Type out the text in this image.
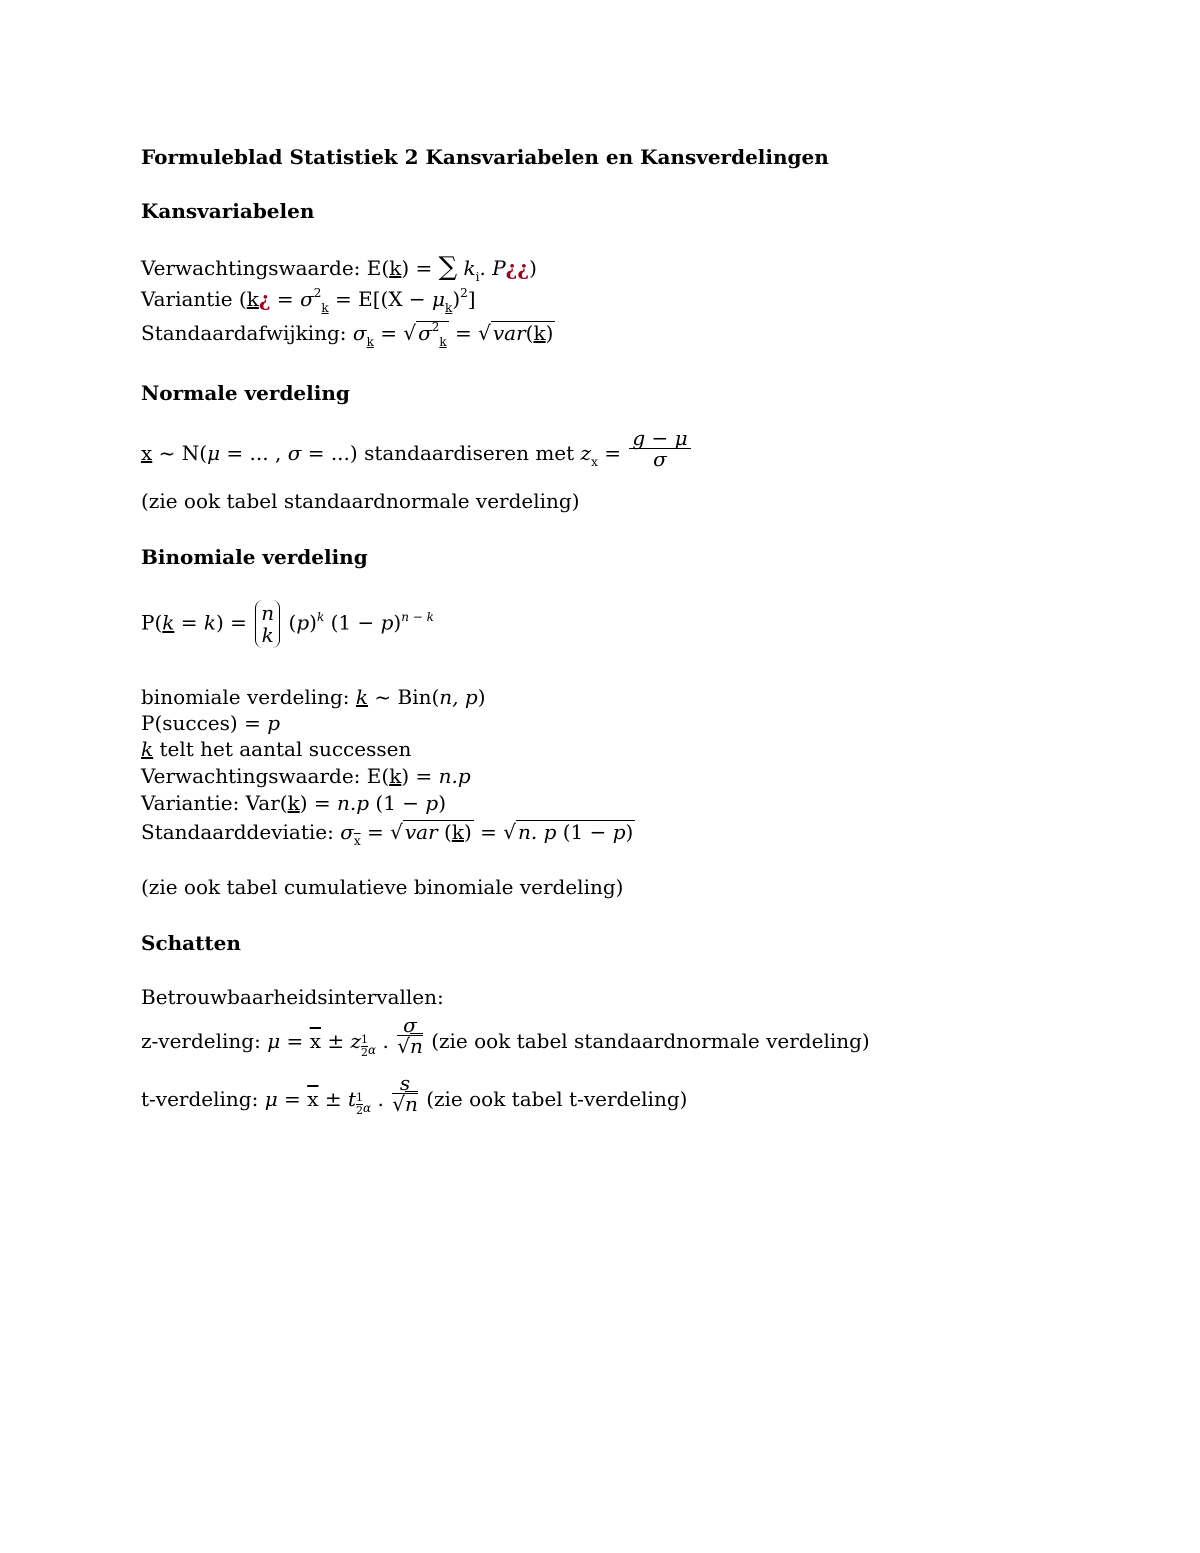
Formuleblad Statistiek 2 Kansvariabelen en Kansverdelingen
Kansvariabelen
Verwachtingswaarde: E(k) = ∑ $k_i$. P¿¿)
Variantie (k¿ = $\sigma^2_k = E[(X - \mu_k)^2]$
Standaardafwijking: $\sigma_k$ = √ $\sigma^2_k$ = √ var(k)
Normale verdeling
x ~ N(μ = ... , σ = ...) standaardiseren met $z_x = \frac{g - \mu}{\sigma}$
(zie ook tabel standaardnormale verdeling)
Binomiale verdeling
P(k = k) = n
k
$(p)^k$ $(1 - p)^{n - k}$
binomiale verdeling: k ~ Bin(n, p)
P(succes) = p
k telt het aantal successen
Verwachtingswaarde: E(k) = n.p
Variantie: Var(k) = n.p (1 − p)
Standaarddeviatie: $\sigma_{\overline{x}}$ = √ var (k) = √ n. p (1 − p)
(zie ook tabel cumulatieve binomiale verdeling)
Schatten
Betrouwbaarheidsintervallen:
z-verdeling: $\mu = \overline{x} \pm z \frac{1}{2} _\alpha$ . $\frac{\sigma}{√n} (zie$ ook tabel standaardnormale verdeling)
t-verdeling: $\mu = \overline{x} \pm t \frac{1}{2} _\alpha$ . $\frac{s}{√n} (zie$ ook tabel t-verdeling)
